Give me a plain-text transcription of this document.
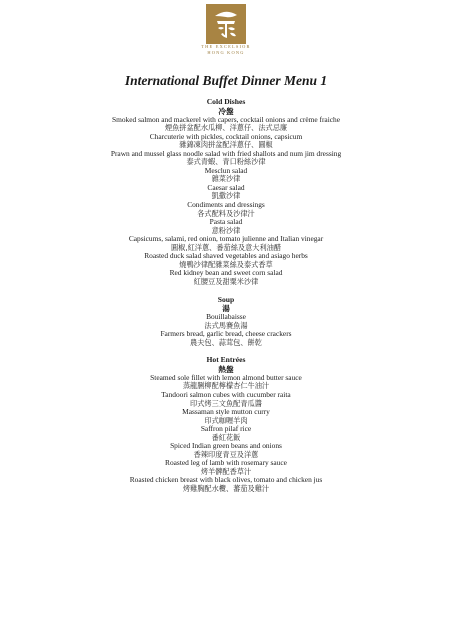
THE EXCELSIOR
HONG KONG
International Buffet Dinner Menu 1
Cold Dishes
冷盤
Smoked salmon and mackerel with capers, cocktail onions and crème fraiche
煙魚拼盆配水瓜柳、洋蔥仔、法式忌廉
Charcuterie with pickles, cocktail onions, capsicum
雜錦凍肉拼盆配洋蔥仔、圓椒
Prawn and mussel glass noodle salad with fried shallots and num jim dressing
泰式青蝦、青口粉絲沙律
Mesclun salad
雜菜沙律
Caesar salad
凱撒沙律
Condiments and dressings
各式配料及沙律汁
Pasta salad
意粉沙律
Capsicums, salami, red onion, tomato julienne and Italian vinegar
圓椒,紅洋蔥、番茄絲及意大利油醋
Roasted duck salad shaved vegetables and asiago herbs
燒鴨沙律配雜菜絲及泰式香草
Red kidney bean and sweet corn salad
紅腰豆及甜粟米沙律
Soup
湯
Bouillabaisse
法式馬賽魚湯
Farmers bread, garlic bread, cheese crackers
農夫包、蒜茸包、餅乾
Hot Entrées
熱盤
Steamed sole fillet with lemon almond butter sauce
蒸龍脷柳配檸檬杏仁牛油汁
Tandoori salmon cubes with cucumber raita
印式烤三文魚配青瓜醬
Massaman style mutton curry
印式咖喱羊肉
Saffron pilaf rice
番紅花飯
Spiced Indian green beans and onions
香辣印度青豆及洋蔥
Roasted leg of lamb with rosemary sauce
烤羊髀配香草汁
Roasted chicken breast with black olives, tomato and chicken jus
烤雞胸配水欖、蕃茄及雞汁
